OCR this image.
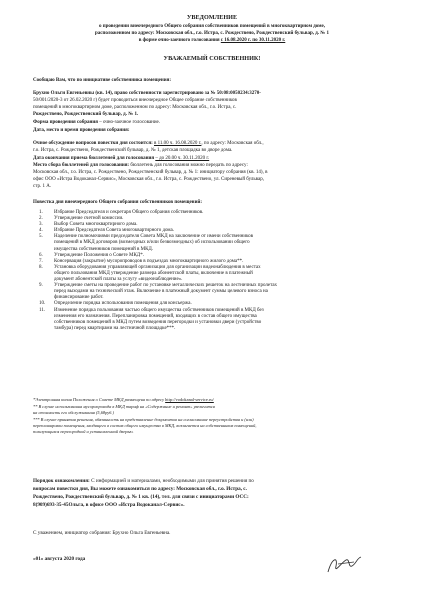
УВЕДОМЛЕНИЕ
о проведении внеочередного Общего собрания собственников помещений в многоквартирном доме,
расположенном по адресу: Московская обл., г.о. Истра, с. Рождествено, Рождественский бульвар, д. № 1
в форме очно-заочного голосования с 16.08.2020 г. по 30.11.2020 г.
УВАЖАЕМЫЙ СОБСТВЕННИК!
Сообщаю Вам, что по инициативе собственника помещения:
Брухно Ольги Евгеньевны (кв. 14), право собственности зарегистрировано за № 50:08:0050234:3270-
50/001/2020-3 от 26.02.2020 г) будет проводиться внеочередное Общее собрание собственников
помещений в многоквартирном доме, расположенном по адресу: Московская обл., г.о. Истра, с.
Рождествено, Рождественский бульвар, д. № 1.
Форма проведения собрания – очно-заочное голосование.
Дата, место и время проведения собрания:
Очное обсуждение вопросов повестки дня состоится: в 11.00 ч. 16.08.2020 г., по адресу: Московская обл.,
г.о. Истра, с. Рождествено, Рождественский бульвар, д. № 1, детская площадка во дворе дома.
Дата окончания приема бюллетеней для голосования – до 20.00 ч. 30.11.2020 г.
Место сбора бюллетеней для голосования: бюллетень для голосования можно передать по адресу:
Московская обл., г.о. Истра, с. Рождествено, Рождественский бульвар, д. № 1: инициатору собрания (кв. 14), в
офис ООО «Истра Водоканал-Сервис», Московская обл., г.о. Истра, с. Рождествено, ул. Сиреневый бульвар,
стр. 1 А.
Повестка дня внеочередного Общего собрания собственников помещений:
1. Избрание Председателя и секретаря Общего собрания собственников.
2. Утверждение счетной комиссии.
3. Выбор Совета многоквартирного дома.
4. Избрание Председателя Совета многоквартирного дома.
5. Наделение полномочиями председателя Совета МКД на заключение от имени собственников
помещений в МКД договоров (возмездных и/или безвозмездных) об использовании общего
имущества собственников помещений в МКД.
6. Утверждение Положения о Совете МКД*.
7. Консервация (закрытие) мусоропроводов в подъездах многоквартирного жилого дома**.
8. Установка оборудования управляющей организации для организации видеонаблюдения в местах
общего пользования МКД утверждение размера абонентской платы, включение в платежный
документ абонентской платы за услугу «видеонаблюдение».
9. Утверждение сметы на проведение работ по установке металлических решеток на лестничных пролетах
перед выходами на технический этаж. Включение в платежный документ суммы целевого взноса на
финансирование работ.
10. Определение порядка использования помещения для консьержа.
11. Изменение порядка пользования частью общего имущества собственников помещений в МКД без
изменения его назначения. Перепланировка помещений, входящих в состав общего имущества
собственников помещений в МКД путем возведения перегородки и установки двери (устройство
тамбура) перед квартирами на лестничной площадке***.
*Электронная копия Положения о Совете МКД размещена по адресу http://vodokanal-service.ru/
** В случае использования мусоропровода в МКД тариф на «Содержание и ремонт» увеличится
на стоимость его обслуживания (5,68руб.)
*** В случае принятия решения, обязанность на представление документов на согласование переустройства и (или)
перепланировки помещения, входящего в состав общего имущества в МКД, возлагается на собственников помещений,
пользующихся перегородкой и установленной дверью.
Порядок ознакомления: С информацией и материалами, необходимыми для принятия решения по
вопросам повестки дня, Вы можете ознакомиться по адресу: Московская обл., г.о. Истра, с.
Рождествено, Рождественский бульвар, д. № 1 кв. (14), тел. для связи с инициаторами ОСС:
8(909)693-35-45Ольга, в офисе ООО «Истра Водоканал-Сервис».
С уважением, инициатор собрания: Брухно Ольга Евгеньевна.
«01» августа 2020 года
